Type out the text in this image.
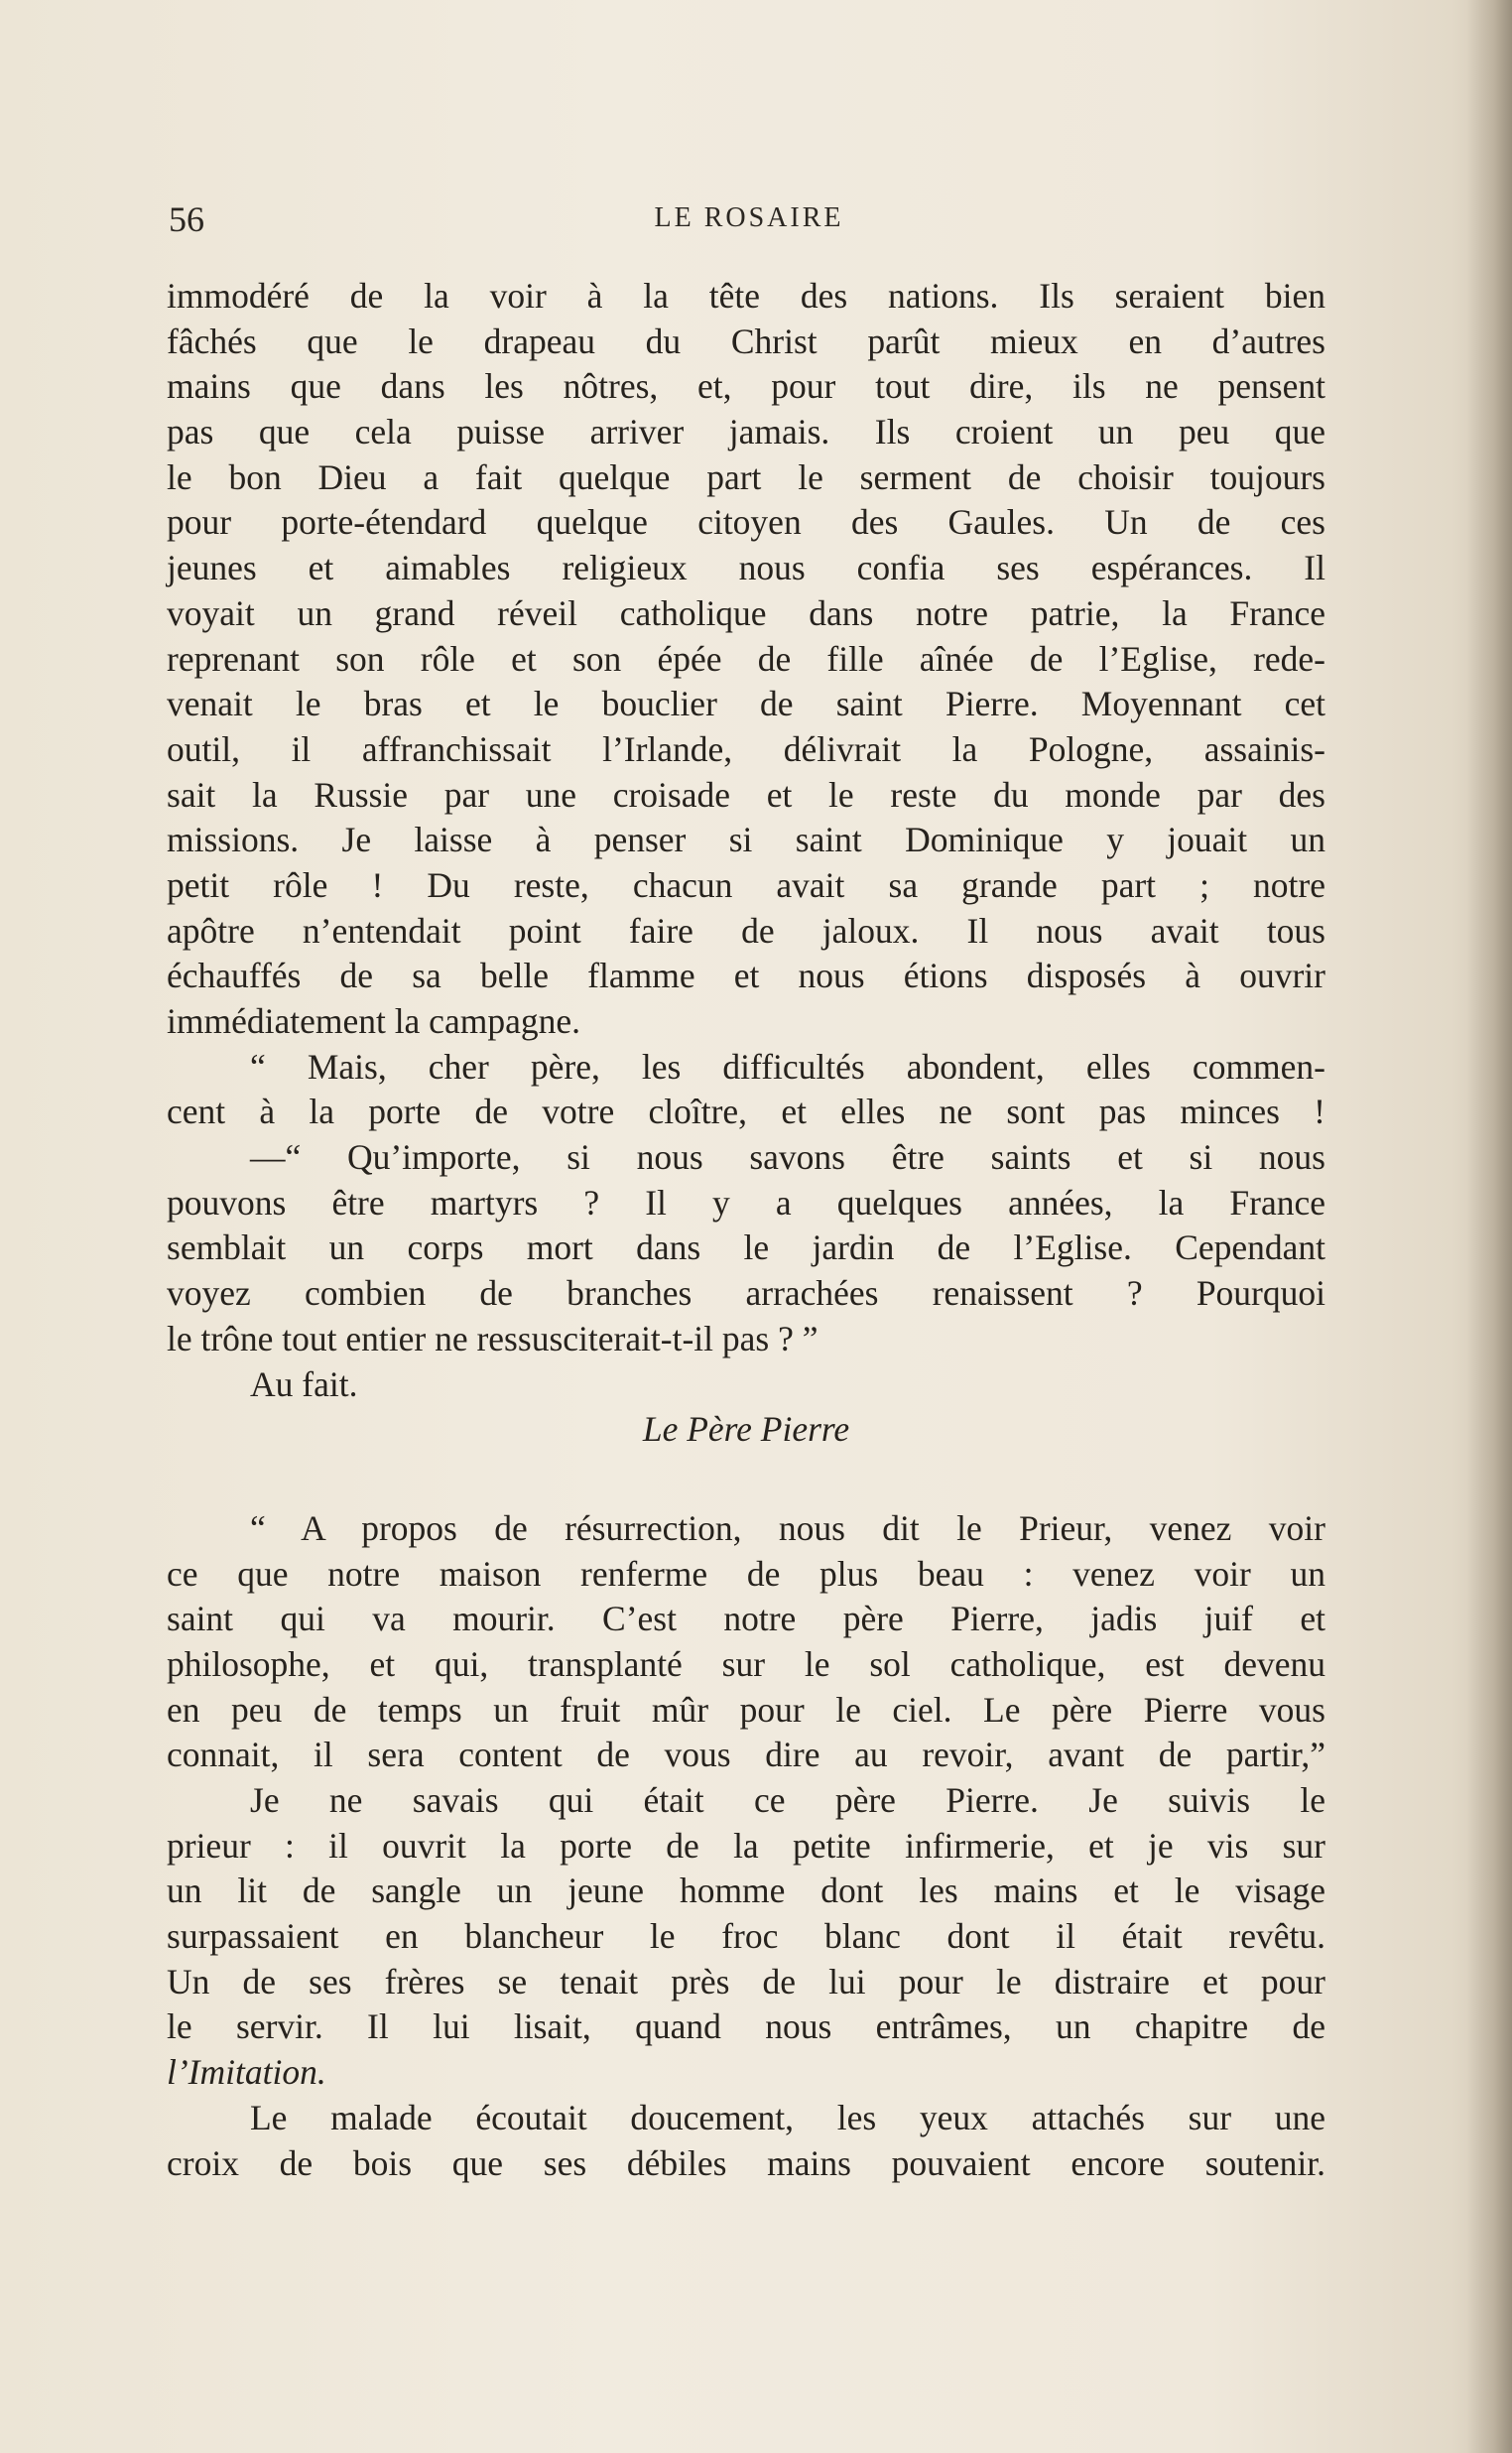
56	LE ROSAIRE
immodéré de la voir à la tête des nations. Ils seraient bien
fâchés que le drapeau du Christ parût mieux en d’autres
mains que dans les nôtres, et, pour tout dire, ils ne pensent
pas que cela puisse arriver jamais. Ils croient un peu que
le bon Dieu a fait quelque part le serment de choisir toujours
pour porte-étendard quelque citoyen des Gaules. Un de ces
jeunes et aimables religieux nous confia ses espérances. Il
voyait un grand réveil catholique dans notre patrie, la France
reprenant son rôle et son épée de fille aînée de l’Eglise, rede-
venait le bras et le bouclier de saint Pierre. Moyennant cet
outil, il affranchissait l’Irlande, délivrait la Pologne, assainis-
sait la Russie par une croisade et le reste du monde par des
missions. Je laisse à penser si saint Dominique y jouait un
petit rôle ! Du reste, chacun avait sa grande part ; notre
apôtre n’entendait point faire de jaloux. Il nous avait tous
échauffés de sa belle flamme et nous étions disposés à ouvrir
immédiatement la campagne.
“ Mais, cher père, les difficultés abondent, elles commen-
cent à la porte de votre cloître, et elles ne sont pas minces !
—“ Qu’importe, si nous savons être saints et si nous
pouvons être martyrs ? Il y a quelques années, la France
semblait un corps mort dans le jardin de l’Eglise. Cependant
voyez combien de branches arrachées renaissent ? Pourquoi
le trône tout entier ne ressusciterait-t-il pas ? ”
Au fait.
Le Père Pierre
“ A propos de résurrection, nous dit le Prieur, venez voir
ce que notre maison renferme de plus beau : venez voir un
saint qui va mourir. C’est notre père Pierre, jadis juif et
philosophe, et qui, transplanté sur le sol catholique, est devenu
en peu de temps un fruit mûr pour le ciel. Le père Pierre vous
connait, il sera content de vous dire au revoir, avant de partir,”
Je ne savais qui était ce père Pierre. Je suivis le
prieur : il ouvrit la porte de la petite infirmerie, et je vis sur
un lit de sangle un jeune homme dont les mains et le visage
surpassaient en blancheur le froc blanc dont il était revêtu.
Un de ses frères se tenait près de lui pour le distraire et pour
le servir. Il lui lisait, quand nous entrâmes, un chapitre de
l’Imitation.
Le malade écoutait doucement, les yeux attachés sur une
croix de bois que ses débiles mains pouvaient encore soutenir.
